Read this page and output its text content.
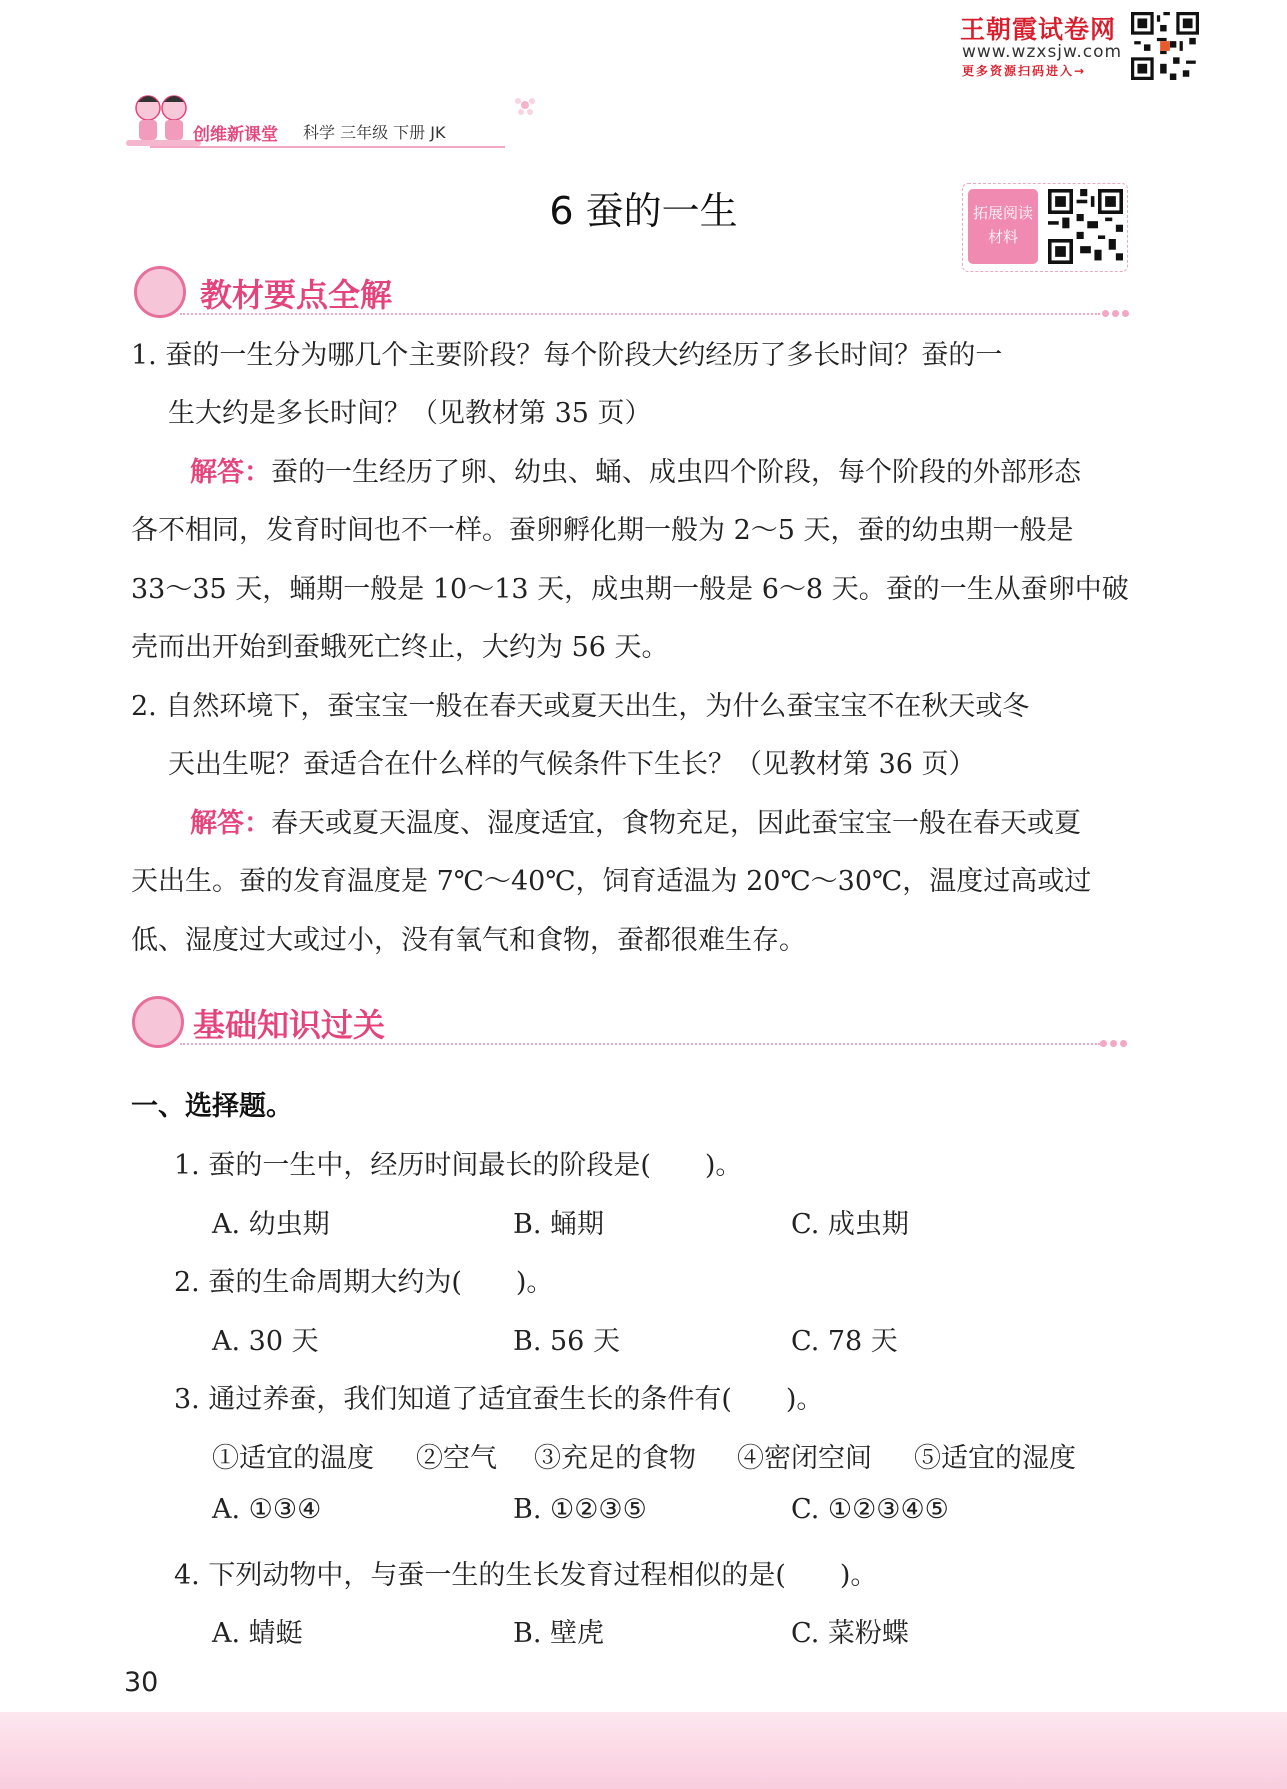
王朝霞试卷网
www.wzxsjw.com
更多资源扫码进入→
创维新课堂 科学 三年级 下册 JK
6 蚕的一生	拓展阅读
材料
教材要点全解
1. 蚕的一生分为哪几个主要阶段？每个阶段大约经历了多长时间？蚕的一
生大约是多长时间？（见教材第 35 页）
解答：蚕的一生经历了卵、幼虫、蛹、成虫四个阶段，每个阶段的外部形态
各不相同，发育时间也不一样。蚕卵孵化期一般为 2～5 天，蚕的幼虫期一般是
33～35 天，蛹期一般是 10～13 天，成虫期一般是 6～8 天。蚕的一生从蚕卵中破
壳而出开始到蚕蛾死亡终止，大约为 56 天。
2. 自然环境下，蚕宝宝一般在春天或夏天出生，为什么蚕宝宝不在秋天或冬
天出生呢？蚕适合在什么样的气候条件下生长？（见教材第 36 页）
解答：春天或夏天温度、湿度适宜，食物充足，因此蚕宝宝一般在春天或夏
天出生。蚕的发育温度是 7℃～40℃，饲育适温为 20℃～30℃，温度过高或过
低、湿度过大或过小，没有氧气和食物，蚕都很难生存。
基础知识过关
一、选择题。
1. 蚕的一生中，经历时间最长的阶段是(　　)。
A. 幼虫期	B. 蛹期	C. 成虫期
2. 蚕的生命周期大约为(　　)。
A. 30 天	B. 56 天	C. 78 天
3. 通过养蚕，我们知道了适宜蚕生长的条件有(　　)。
①适宜的温度 ②空气 ③充足的食物 ④密闭空间 ⑤适宜的湿度
A. ①③④	B. ①②③⑤	C. ①②③④⑤
4. 下列动物中，与蚕一生的生长发育过程相似的是(　　)。
A. 蜻蜓	B. 壁虎	C. 菜粉蝶
30
